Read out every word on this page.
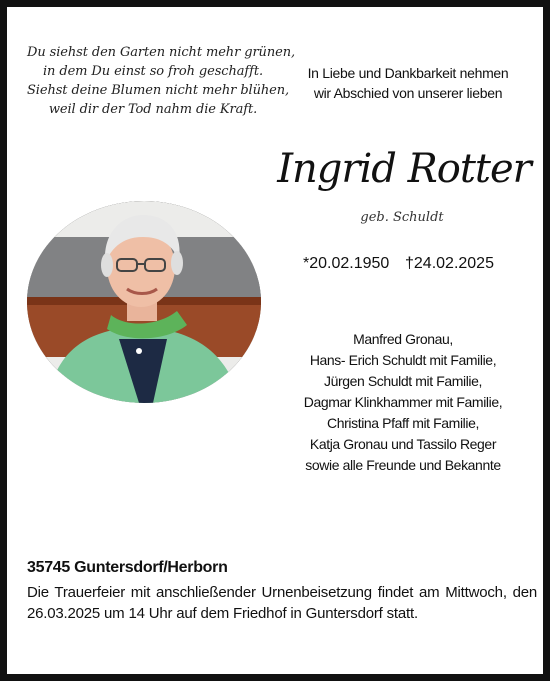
Du siehst den Garten nicht mehr grünen,
in dem Du einst so froh geschafft.
Siehst deine Blumen nicht mehr blühen,
weil dir der Tod nahm die Kraft.
In Liebe und Dankbarkeit nehmen
wir Abschied von unserer lieben
Ingrid Rotter
geb. Schuldt
*20.02.1950 †24.02.2025
Manfred Gronau,
Hans- Erich Schuldt mit Familie,
Jürgen Schuldt mit Familie,
Dagmar Klinkhammer mit Familie,
Christina Pfaff mit Familie,
Katja Gronau und Tassilo Reger
sowie alle Freunde und Bekannte
35745 Guntersdorf/Herborn
Die Trauerfeier mit anschließender Urnenbeisetzung findet am Mittwoch, den 26.03.2025 um 14 Uhr auf dem Friedhof in Guntersdorf statt.
